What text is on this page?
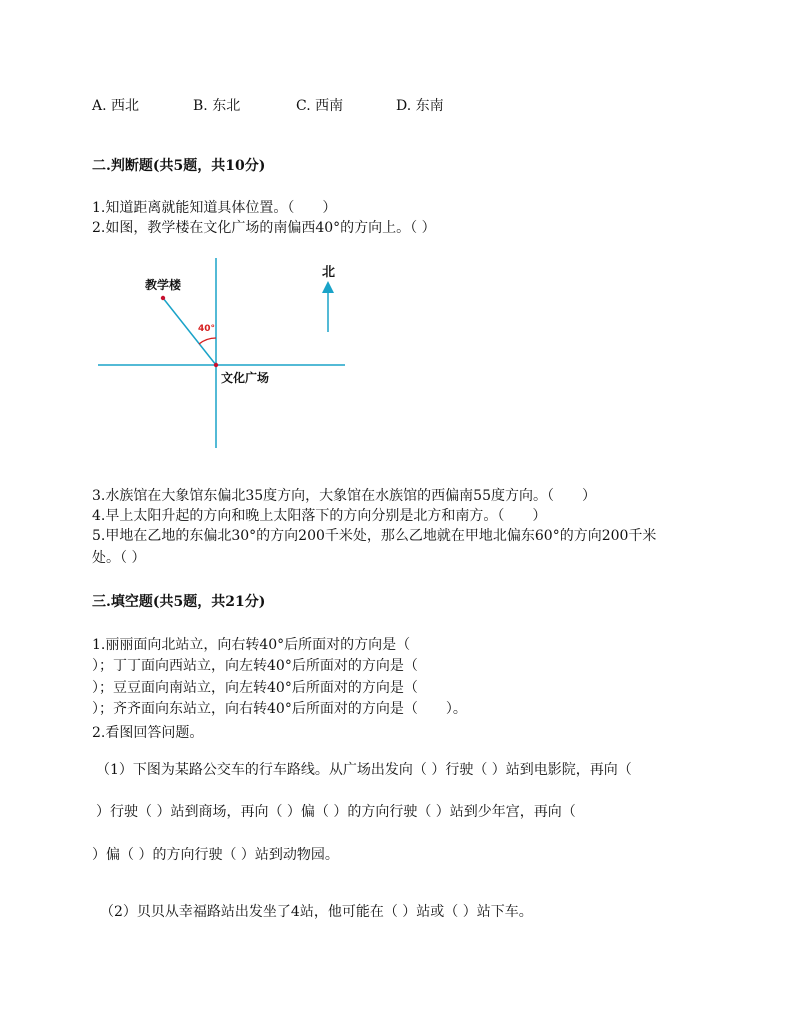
A. 西北	B. 东北	C. 西南	D. 东南
二.判断题(共5题，共10分)
1.知道距离就能知道具体位置。（　　）
2.如图，教学楼在文化广场的南偏西40°的方向上。（ ）
教学楼
北
40°
文化广场
3.水族馆在大象馆东偏北35度方向，大象馆在水族馆的西偏南55度方向。（　　）
4.早上太阳升起的方向和晚上太阳落下的方向分别是北方和南方。（　　）
5.甲地在乙地的东偏北30°的方向200千米处，那么乙地就在甲地北偏东60°的方向200千米
处。（ ）
三.填空题(共5题，共21分)
1.丽丽面向北站立，向右转40°后所面对的方向是（
）；丁丁面向西站立，向左转40°后所面对的方向是（
）；豆豆面向南站立，向左转40°后所面对的方向是（
）；齐齐面向东站立，向右转40°后所面对的方向是（　　）。
2.看图回答问题。
（1）下图为某路公交车的行车路线。从广场出发向（ ）行驶（ ）站到电影院，再向（
）行驶（ ）站到商场，再向（ ）偏（ ）的方向行驶（ ）站到少年宫，再向（
）偏（ ）的方向行驶（ ）站到动物园。
（2）贝贝从幸福路站出发坐了4站，他可能在（ ）站或（ ）站下车。
